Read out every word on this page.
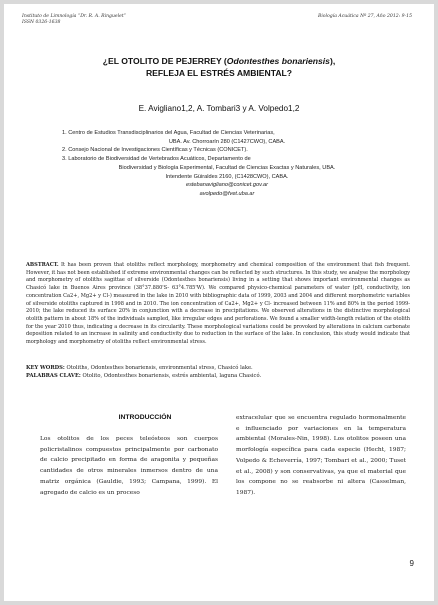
Instituto de Limnología “Dr. R. A. Ringuelet”
ISSN 0326-1638
Biología Acuática Nº 27, Año 2012: 9-15
¿EL OTOLITO DE PEJERREY (Odontesthes bonariensis),
REFLEJA EL ESTRÉS AMBIENTAL?
E. Avigliano1,2, A. Tombari3 y A. Volpedo1,2
1. Centro de Estudios Transdisciplinarios del Agua, Facultad de Ciencias Veterinarias,
UBA. Av. Chorroarín 280 (C1427CWO), CABA.
2. Consejo Nacional de Investigaciones Científicas y Técnicas (CONICET).
3. Laboratorio de Biodiversidad de Vertebrados Acuáticos, Departamento de
Biodiversidad y Biología Experimental, Facultad de Ciencias Exactas y Naturales, UBA.
Intendente Güiraldes 2160, (C1428CWO), CABA.
estebanavigliano@conicet.gov.ar
avolpedo@fvet.uba.ar
ABSTRACT. It has been proven that otoliths reflect morphology, morphometry and chemical composition of the environment that fish frequent. However, it has not been established if extreme environmental changes can be reflected by such structures. In this study, we analyse the morphology and morphometry of otoliths sagittae of silverside (Odontesthes bonariensis) living in a setting that shows important environmental changes as Chasicó lake in Buenos Aires province (38°37.880'S- 63°4.785'W). We compared physico-chemical parameters of water (pH, conductivity, ion concentration Ca2+, Mg2+ y Cl-) measured in the lake in 2010 with bibliographic data of 1999, 2003 and 2004 and different morphometric variables of silverside otoliths captured in 1998 and in 2010. The ion concentration of Ca2+, Mg2+ y Cl- increased between 11% and 80% in the period 1999-2010; the lake reduced its surface 20% in conjunction with a decrease in precipitations. We observed alterations in the distinctive morphological otolith pattern in about 18% of the individuals sampled, like irregular edges and perforations. We found a smaller width-length relation of the otolith for the year 2010 thus, indicating a decrease in its circularity. These morphological variations could be provoked by alterations in calcium carbonate deposition related to an increase in salinity and conductivity due to reduction in the surface of the lake. In conclusion, this study would indicate that morphology and morphometry of otoliths reflect environmental stress.
KEY WORDS: Otoliths, Odontesthes bonariensis, environmental stress, Chasicó lake.
PALABRAS CLAVE: Otolito, Odontesthes bonariensis, estrés ambiental, laguna Chasicó.
INTRODUCCIÓN
Los otolitos de los peces teleósteos son cuerpos policristalinos compuestos principalmente por carbonato de calcio precipitado en forma de aragonita y pequeñas cantidades de otros minerales inmersos dentro de una matriz orgánica (Gauldie, 1993; Campana, 1999). El agregado de calcio es un proceso
extracelular que se encuentra regulado hormonalmente e influenciado por variaciones en la temperatura ambiental (Morales-Nin, 1998). Los otolitos poseen una morfología específica para cada especie (Hecht, 1987; Volpedo & Echeverría, 1997; Tombari et al., 2000; Tuset et al., 2008) y son conservativas, ya que el material que los compone no se reabsorbe ni altera (Casselman, 1987).
9
